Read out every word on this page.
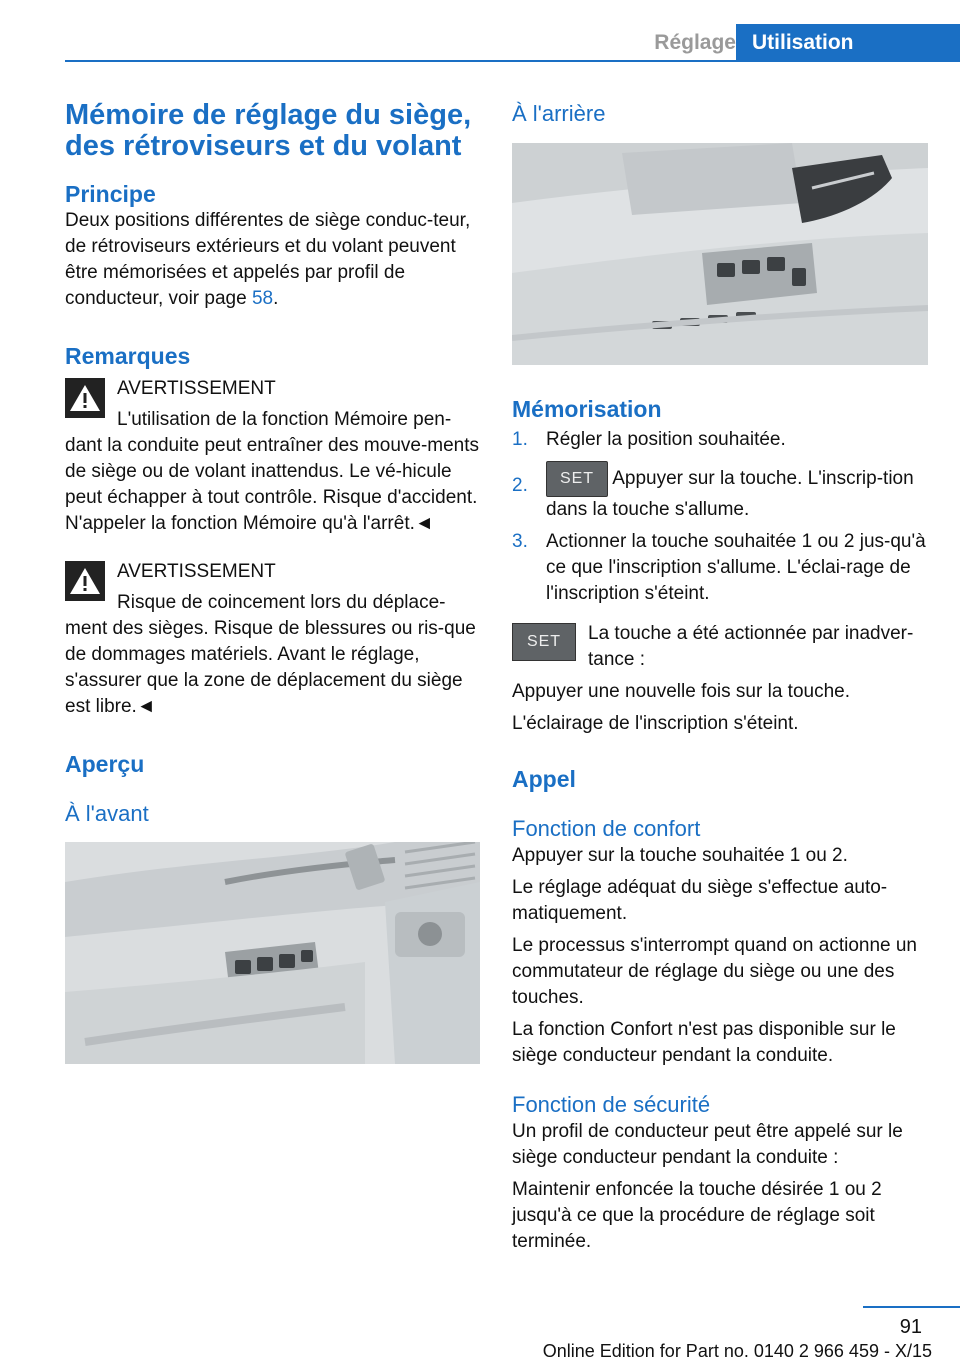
Réglage Utilisation
Mémoire de réglage du siège, des rétroviseurs et du volant
Principe

Deux positions différentes de siège conduc-teur, de rétroviseurs extérieurs et du volant peuvent être mémorisées et appelés par profil de conducteur, voir page 58.

Remarques

AVERTISSEMENT

L'utilisation de la fonction Mémoire pen-dant la conduite peut entraîner des mouve-ments de siège ou de volant inattendus. Le vé-hicule peut échapper à tout contrôle. Risque d'accident. N'appeler la fonction Mémoire qu'à l'arrêt.◄

AVERTISSEMENT

Risque de coincement lors du déplace-ment des sièges. Risque de blessures ou ris-que de dommages matériels. Avant le réglage, s'assurer que la zone de déplacement du siège est libre.◄

Aperçu
À l'avant
À l'arrière
Mémorisation
1. Régler la position souhaitée.
2. SET Appuyer sur la touche. L'inscrip-tion dans la touche s'allume.
3. Actionner la touche souhaitée 1 ou 2 jus-qu'à ce que l'inscription s'allume. L'éclai-rage de l'inscription s'éteint.
SET	La touche a été actionnée par inadver-tance :

Appuyer une nouvelle fois sur la touche.

L'éclairage de l'inscription s'éteint.

Appel
Fonction de confort

Appuyer sur la touche souhaitée 1 ou 2.

Le réglage adéquat du siège s'effectue auto-matiquement.

Le processus s'interrompt quand on actionne un commutateur de réglage du siège ou une des touches.

La fonction Confort n'est pas disponible sur le siège conducteur pendant la conduite.

Fonction de sécurité

Un profil de conducteur peut être appelé sur le siège conducteur pendant la conduite :

Maintenir enfoncée la touche désirée 1 ou 2 jusqu'à ce que la procédure de réglage soit terminée.

91
Online Edition for Part no. 0140 2 966 459 - X/15
